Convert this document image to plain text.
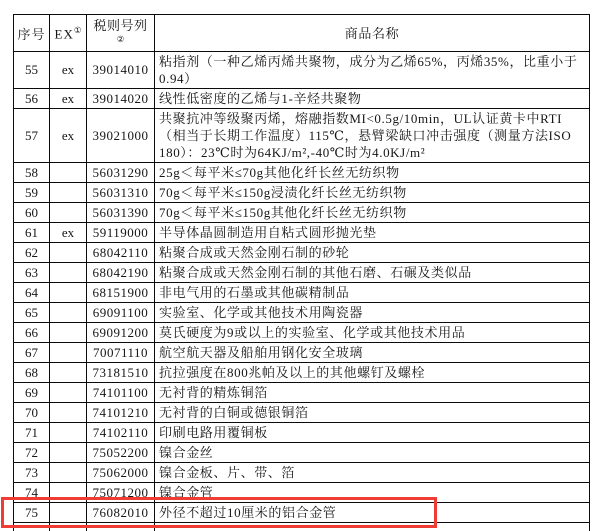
序号	EX①	税则号列②	商品名称
55	ex	39014010	粘指剂（一种乙烯丙烯共聚物，成分为乙烯65%，丙烯35%，比重小于0.94）
56	ex	39014020	线性低密度的乙烯与1-辛烃共聚物
57	ex	39021000	共聚抗冲等级聚丙烯，熔融指数MI<0.5g/10min，UL认证黄卡中RTI（相当于长期工作温度）115℃，悬臂梁缺口冲击强度（测量方法ISO 180）：23℃时为64KJ/m²,-40℃时为4.0KJ/m²
58		56031290	25g＜每平米≤70g其他化纤长丝无纺织物
59		56031310	70g＜每平米≤150g浸渍化纤长丝无纺织物
60		56031390	70g＜每平米≤150g其他化纤长丝无纺织物
61	ex	59119000	半导体晶圆制造用自粘式圆形抛光垫
62		68042110	粘聚合成或天然金刚石制的砂轮
63		68042190	粘聚合成或天然金刚石制的其他石磨、石碾及类似品
64		68151900	非电气用的石墨或其他碳精制品
65		69091100	实验室、化学或其他技术用陶瓷器
66		69091200	莫氏硬度为9或以上的实验室、化学或其他技术用品
67		70071110	航空航天器及船舶用钢化安全玻璃
68		73181510	抗拉强度在800兆帕及以上的其他螺钉及螺栓
69		74101100	无衬背的精炼铜箔
70		74101210	无衬背的白铜或德银铜箔
71		74102110	印刷电路用覆铜板
72		75052200	镍合金丝
73		75062000	镍合金板、片、带、箔
74		75071200	镍合金管
75		76082010	外径不超过10厘米的铝合金管
